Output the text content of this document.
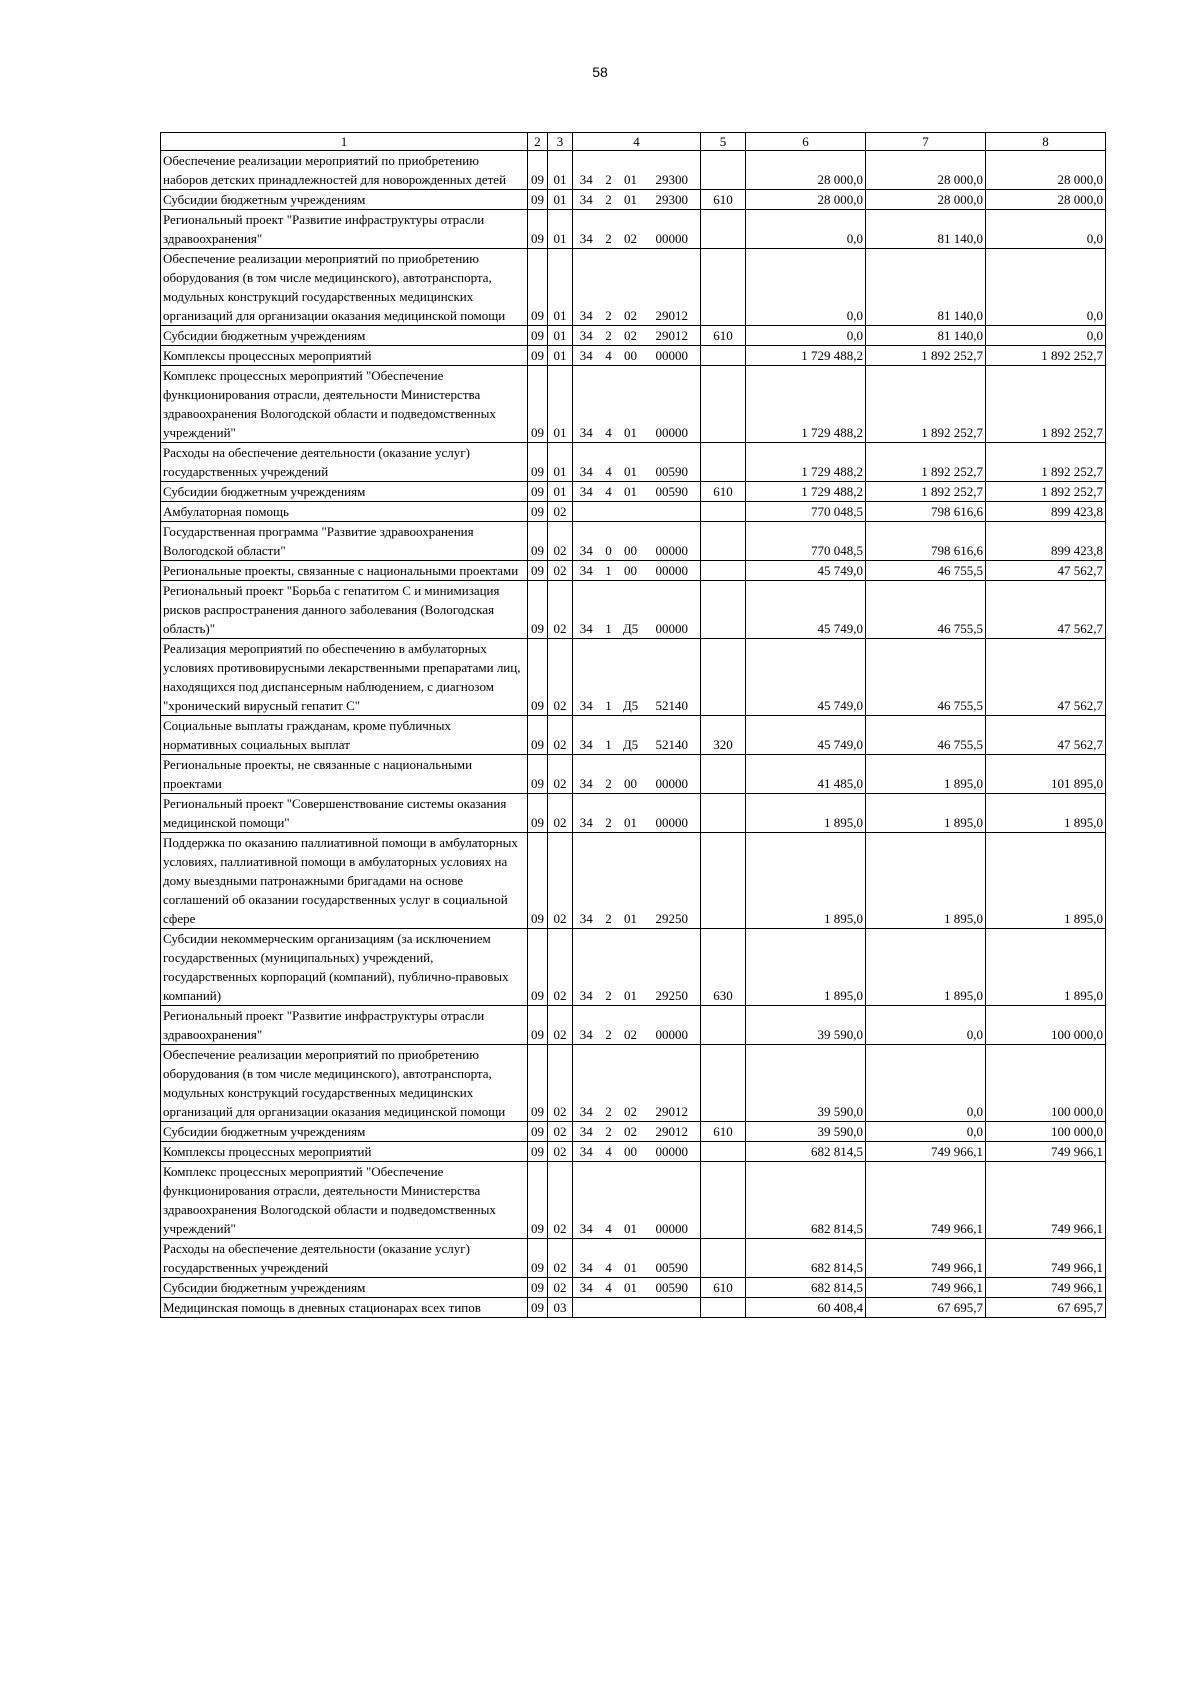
58
1	2	3	4				5	6	7	8
Обеспечение реализации мероприятий по приобретению наборов детских принадлежностей для новорожденных детей	09	01	34	2	01	29300		28 000,0	28 000,0	28 000,0
Субсидии бюджетным учреждениям	09	01	34	2	01	29300	610	28 000,0	28 000,0	28 000,0
Региональный проект "Развитие инфраструктуры отрасли здравоохранения"	09	01	34	2	02	00000		0,0	81 140,0	0,0
Обеспечение реализации мероприятий по приобретению оборудования (в том числе медицинского), автотранспорта, модульных конструкций государственных медицинских организаций для организации оказания медицинской помощи	09	01	34	2	02	29012		0,0	81 140,0	0,0
Субсидии бюджетным учреждениям	09	01	34	2	02	29012	610	0,0	81 140,0	0,0
Комплексы процессных мероприятий	09	01	34	4	00	00000		1 729 488,2	1 892 252,7	1 892 252,7
Комплекс процессных мероприятий "Обеспечение функционирования отрасли, деятельности Министерства здравоохранения Вологодской области и подведомственных учреждений"	09	01	34	4	01	00000		1 729 488,2	1 892 252,7	1 892 252,7
Расходы на обеспечение деятельности (оказание услуг) государственных учреждений	09	01	34	4	01	00590		1 729 488,2	1 892 252,7	1 892 252,7
Субсидии бюджетным учреждениям	09	01	34	4	01	00590	610	1 729 488,2	1 892 252,7	1 892 252,7
Амбулаторная помощь	09	02						770 048,5	798 616,6	899 423,8
Государственная программа "Развитие здравоохранения Вологодской области"	09	02	34	0	00	00000		770 048,5	798 616,6	899 423,8
Региональные проекты, связанные с национальными проектами	09	02	34	1	00	00000		45 749,0	46 755,5	47 562,7
Региональный проект "Борьба с гепатитом С и минимизация рисков распространения данного заболевания (Вологодская область)"	09	02	34	1	Д5	00000		45 749,0	46 755,5	47 562,7
Реализация мероприятий по обеспечению в амбулаторных условиях противовирусными лекарственными препаратами лиц, находящихся под диспансерным наблюдением, с диагнозом "хронический вирусный гепатит С"	09	02	34	1	Д5	52140		45 749,0	46 755,5	47 562,7
Социальные выплаты гражданам, кроме публичных нормативных социальных выплат	09	02	34	1	Д5	52140	320	45 749,0	46 755,5	47 562,7
Региональные проекты, не связанные с национальными проектами	09	02	34	2	00	00000		41 485,0	1 895,0	101 895,0
Региональный проект "Совершенствование системы оказания медицинской помощи"	09	02	34	2	01	00000		1 895,0	1 895,0	1 895,0
Поддержка по оказанию паллиативной помощи в амбулаторных условиях, паллиативной помощи в амбулаторных условиях на дому выездными патронажными бригадами на основе соглашений об оказании государственных услуг в социальной сфере	09	02	34	2	01	29250		1 895,0	1 895,0	1 895,0
Субсидии некоммерческим организациям (за исключением государственных (муниципальных) учреждений, государственных корпораций (компаний), публично-правовых компаний)	09	02	34	2	01	29250	630	1 895,0	1 895,0	1 895,0
Региональный проект "Развитие инфраструктуры отрасли здравоохранения"	09	02	34	2	02	00000		39 590,0	0,0	100 000,0
Обеспечение реализации мероприятий по приобретению оборудования (в том числе медицинского), автотранспорта, модульных конструкций государственных медицинских организаций для организации оказания медицинской помощи	09	02	34	2	02	29012		39 590,0	0,0	100 000,0
Субсидии бюджетным учреждениям	09	02	34	2	02	29012	610	39 590,0	0,0	100 000,0
Комплексы процессных мероприятий	09	02	34	4	00	00000		682 814,5	749 966,1	749 966,1
Комплекс процессных мероприятий "Обеспечение функционирования отрасли, деятельности Министерства здравоохранения Вологодской области и подведомственных учреждений"	09	02	34	4	01	00000		682 814,5	749 966,1	749 966,1
Расходы на обеспечение деятельности (оказание услуг) государственных учреждений	09	02	34	4	01	00590		682 814,5	749 966,1	749 966,1
Субсидии бюджетным учреждениям	09	02	34	4	01	00590	610	682 814,5	749 966,1	749 966,1
Медицинская помощь в дневных стационарах всех типов	09	03						60 408,4	67 695,7	67 695,7
